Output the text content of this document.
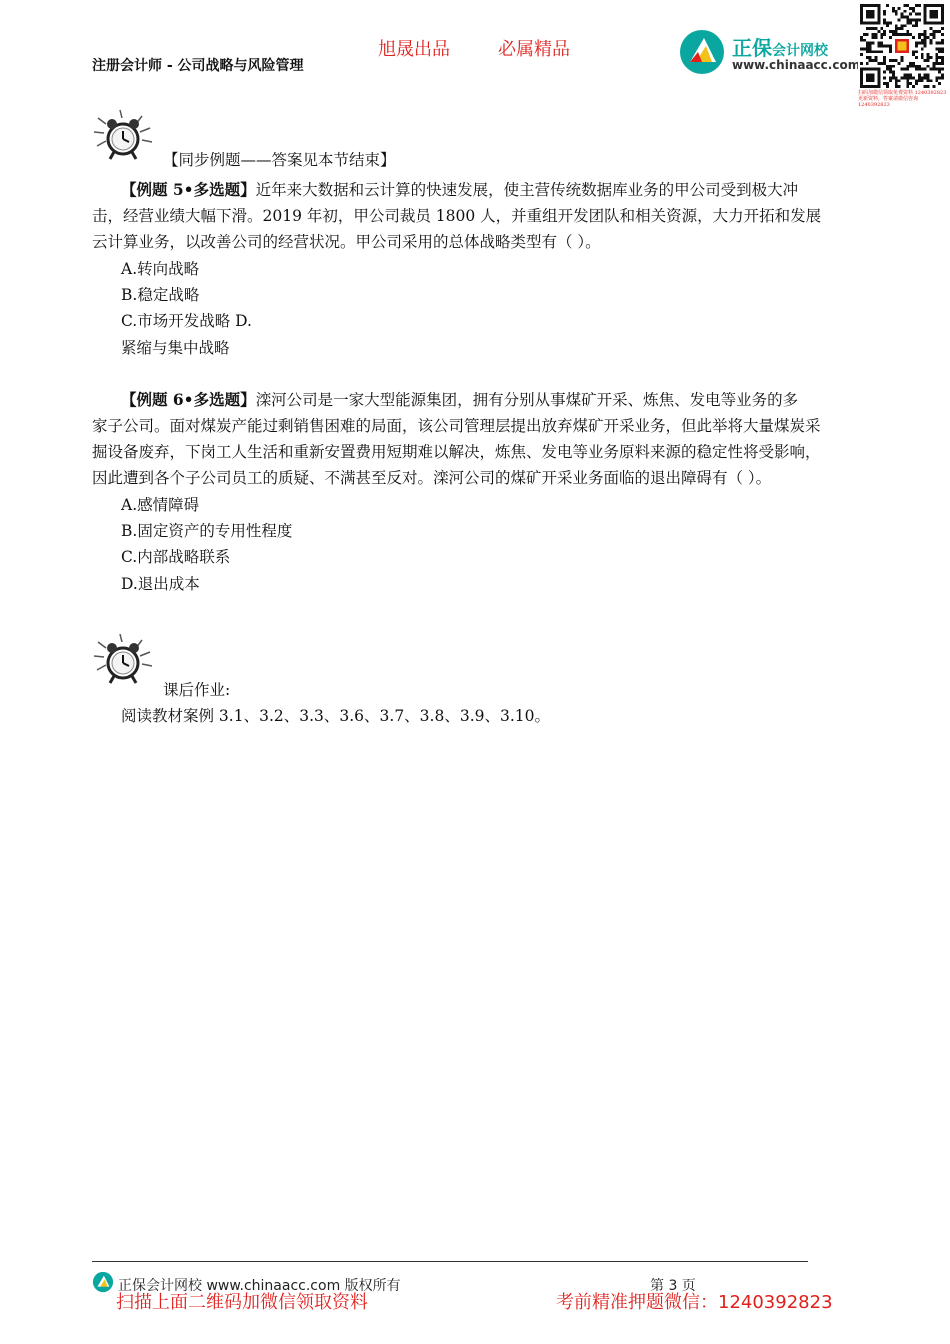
注册会计师 - 公司战略与风险管理
旭晟出品	必属精品	正保会计网校
www.chinaacc.com
扫码加微信领取免费资料 1240392823 更新资料，答案请微信咨询 1240392823
【同步例题——答案见本节结束】
【例题 5•多选题】近年来大数据和云计算的快速发展，使主营传统数据库业务的甲公司受到极大冲
击，经营业绩大幅下滑。2019 年初，甲公司裁员 1800 人，并重组开发团队和相关资源，大力开拓和发展
云计算业务，以改善公司的经营状况。甲公司采用的总体战略类型有（ ）。
A.转向战略
B.稳定战略
C.市场开发战略 D.
紧缩与集中战略
【例题 6•多选题】滦河公司是一家大型能源集团，拥有分别从事煤矿开采、炼焦、发电等业务的多
家子公司。面对煤炭产能过剩销售困难的局面，该公司管理层提出放弃煤矿开采业务，但此举将大量煤炭采
掘设备废弃，下岗工人生活和重新安置费用短期难以解决，炼焦、发电等业务原料来源的稳定性将受影响，
因此遭到各个子公司员工的质疑、不满甚至反对。滦河公司的煤矿开采业务面临的退出障碍有（ ）。
A.感情障碍
B.固定资产的专用性程度
C.内部战略联系
D.退出成本
课后作业:
阅读教材案例 3.1、3.2、3.3、3.6、3.7、3.8、3.9、3.10。
正保会计网校 www.chinaacc.com 版权所有	第 3 页
扫描上面二维码加微信领取资料	考前精准押题微信：1240392823
